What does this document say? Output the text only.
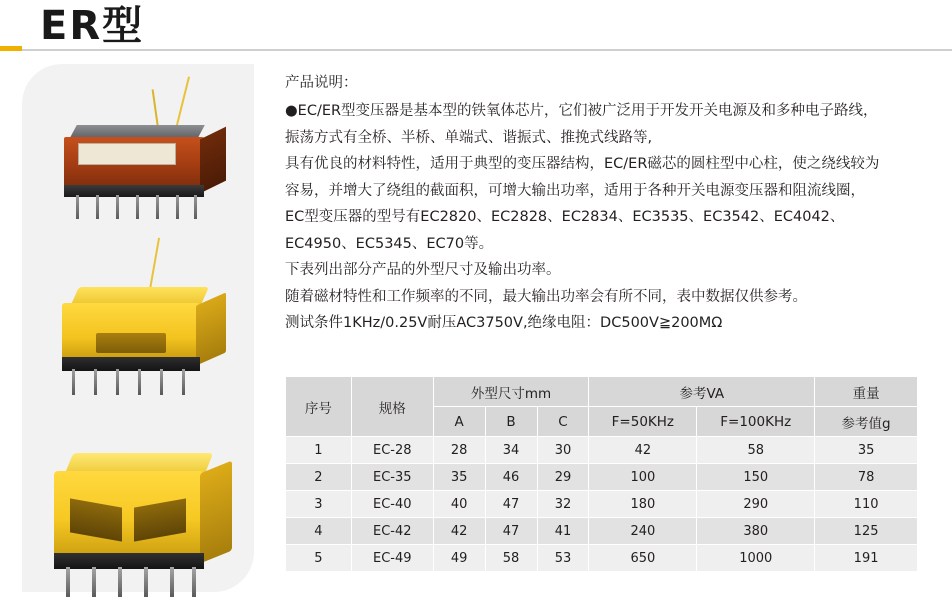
ER型

产品说明：

●EC/ER型变压器是基本型的铁氧体芯片，它们被广泛用于开发开关电源及和多种电子路线，

振荡方式有全桥、半桥、单端式、谐振式、推挽式线路等,

具有优良的材料特性，适用于典型的变压器结构，EC/ER磁芯的圆柱型中心柱，使之绕线较为

容易，并增大了绕组的截面积，可增大输出功率，适用于各种开关电源变压器和阻流线圈，

EC型变压器的型号有EC2820、EC2828、EC2834、EC3535、EC3542、EC4042、

EC4950、EC5345、EC70等。

下表列出部分产品的外型尺寸及输出功率。

随着磁材特性和工作频率的不同，最大输出功率会有所不同，表中数据仅供参考。

测试条件1KHz/0.25V耐压AC3750V,绝缘电阻：DC500V≧200MΩ

序号	规格	外型尺寸mm			参考VA		重量
		A	B	C	F=50KHz	F=100KHz	参考值g
1	EC-28	28	34	30	42	58	35
2	EC-35	35	46	29	100	150	78
3	EC-40	40	47	32	180	290	110
4	EC-42	42	47	41	240	380	125
5	EC-49	49	58	53	650	1000	191
